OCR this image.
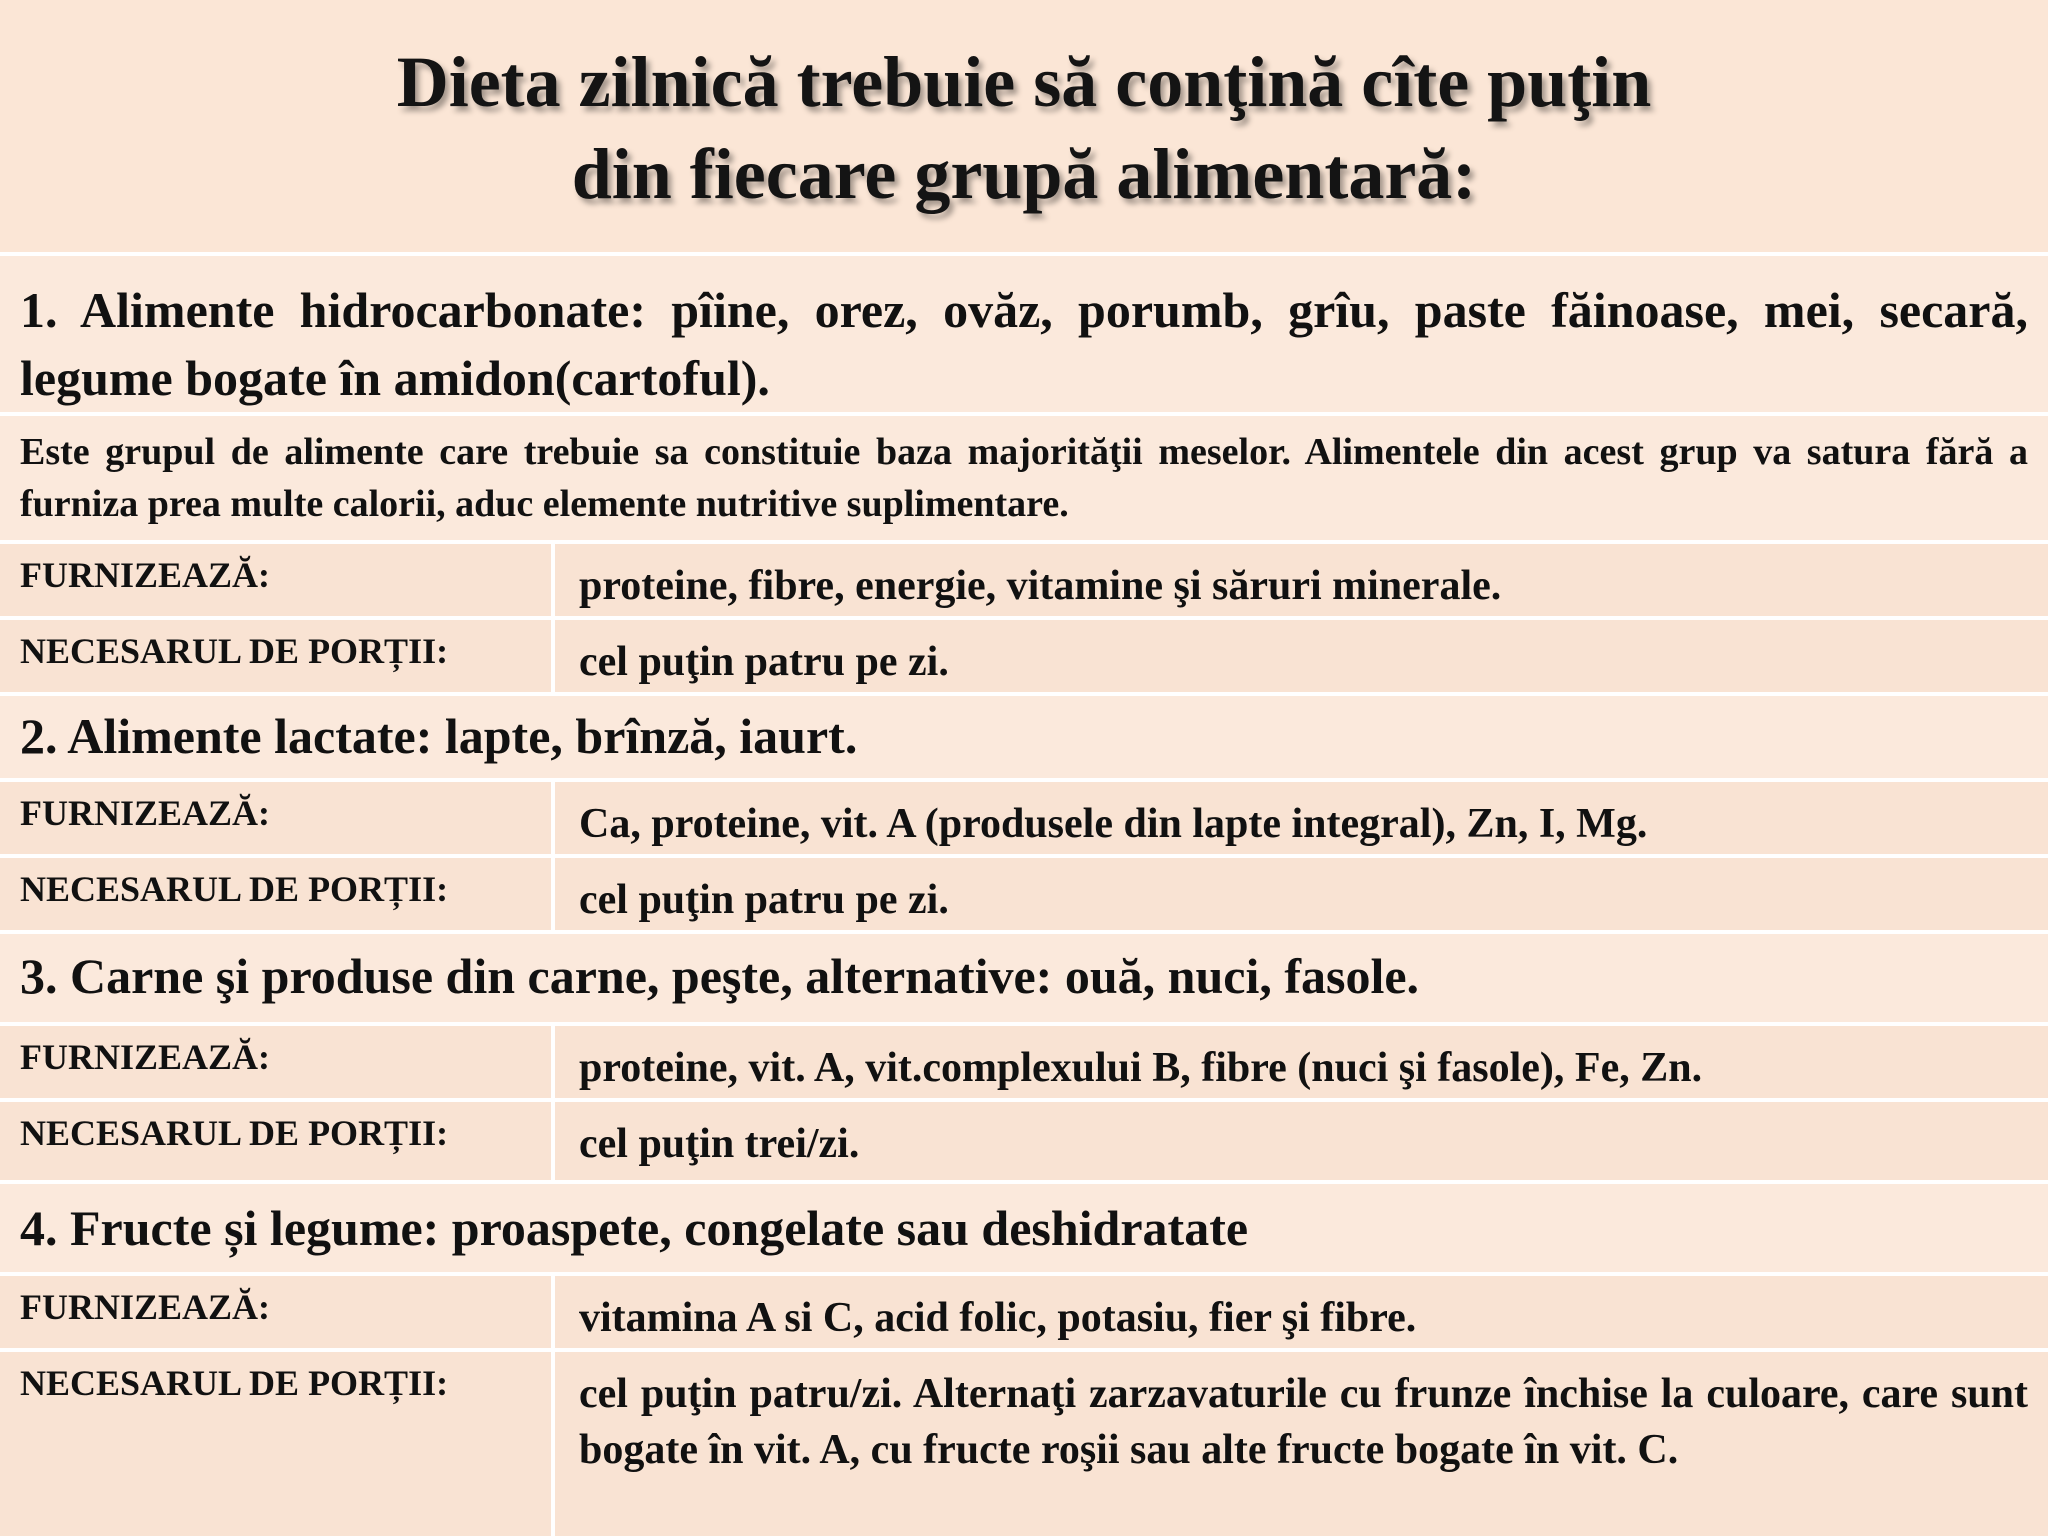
Dieta zilnică trebuie să conţină cîte puţin
din fiecare grupă alimentară:
1. Alimente hidrocarbonate: pîine, orez, ovăz, porumb, grîu, paste făinoase, mei, secară, legume bogate în amidon(cartoful).
Este grupul de alimente care trebuie sa constituie baza majorităţii meselor. Alimentele din acest grup va satura fără a furniza prea multe calorii, aduc elemente nutritive suplimentare.
FURNIZEAZĂ:	proteine, fibre, energie, vitamine şi săruri minerale.
NECESARUL DE PORȚII:	cel puţin patru pe zi.
2. Alimente lactate: lapte, brînză, iaurt.
FURNIZEAZĂ:	Ca, proteine, vit. A (produsele din lapte integral), Zn, I, Mg.
NECESARUL DE PORȚII:	cel puţin patru pe zi.
3. Carne şi produse din carne, peşte, alternative: ouă, nuci, fasole.
FURNIZEAZĂ:	proteine, vit. A, vit.complexului B, fibre (nuci şi fasole), Fe, Zn.
NECESARUL DE PORȚII:	cel puţin trei/zi.
4. Fructe și legume: proaspete, congelate sau deshidratate
FURNIZEAZĂ:	vitamina A si C, acid folic, potasiu, fier şi fibre.
NECESARUL DE PORȚII:	cel puţin patru/zi. Alternaţi zarzavaturile cu frunze închise la culoare, care sunt bogate în vit. A, cu fructe roşii sau alte fructe bogate în vit. C.
